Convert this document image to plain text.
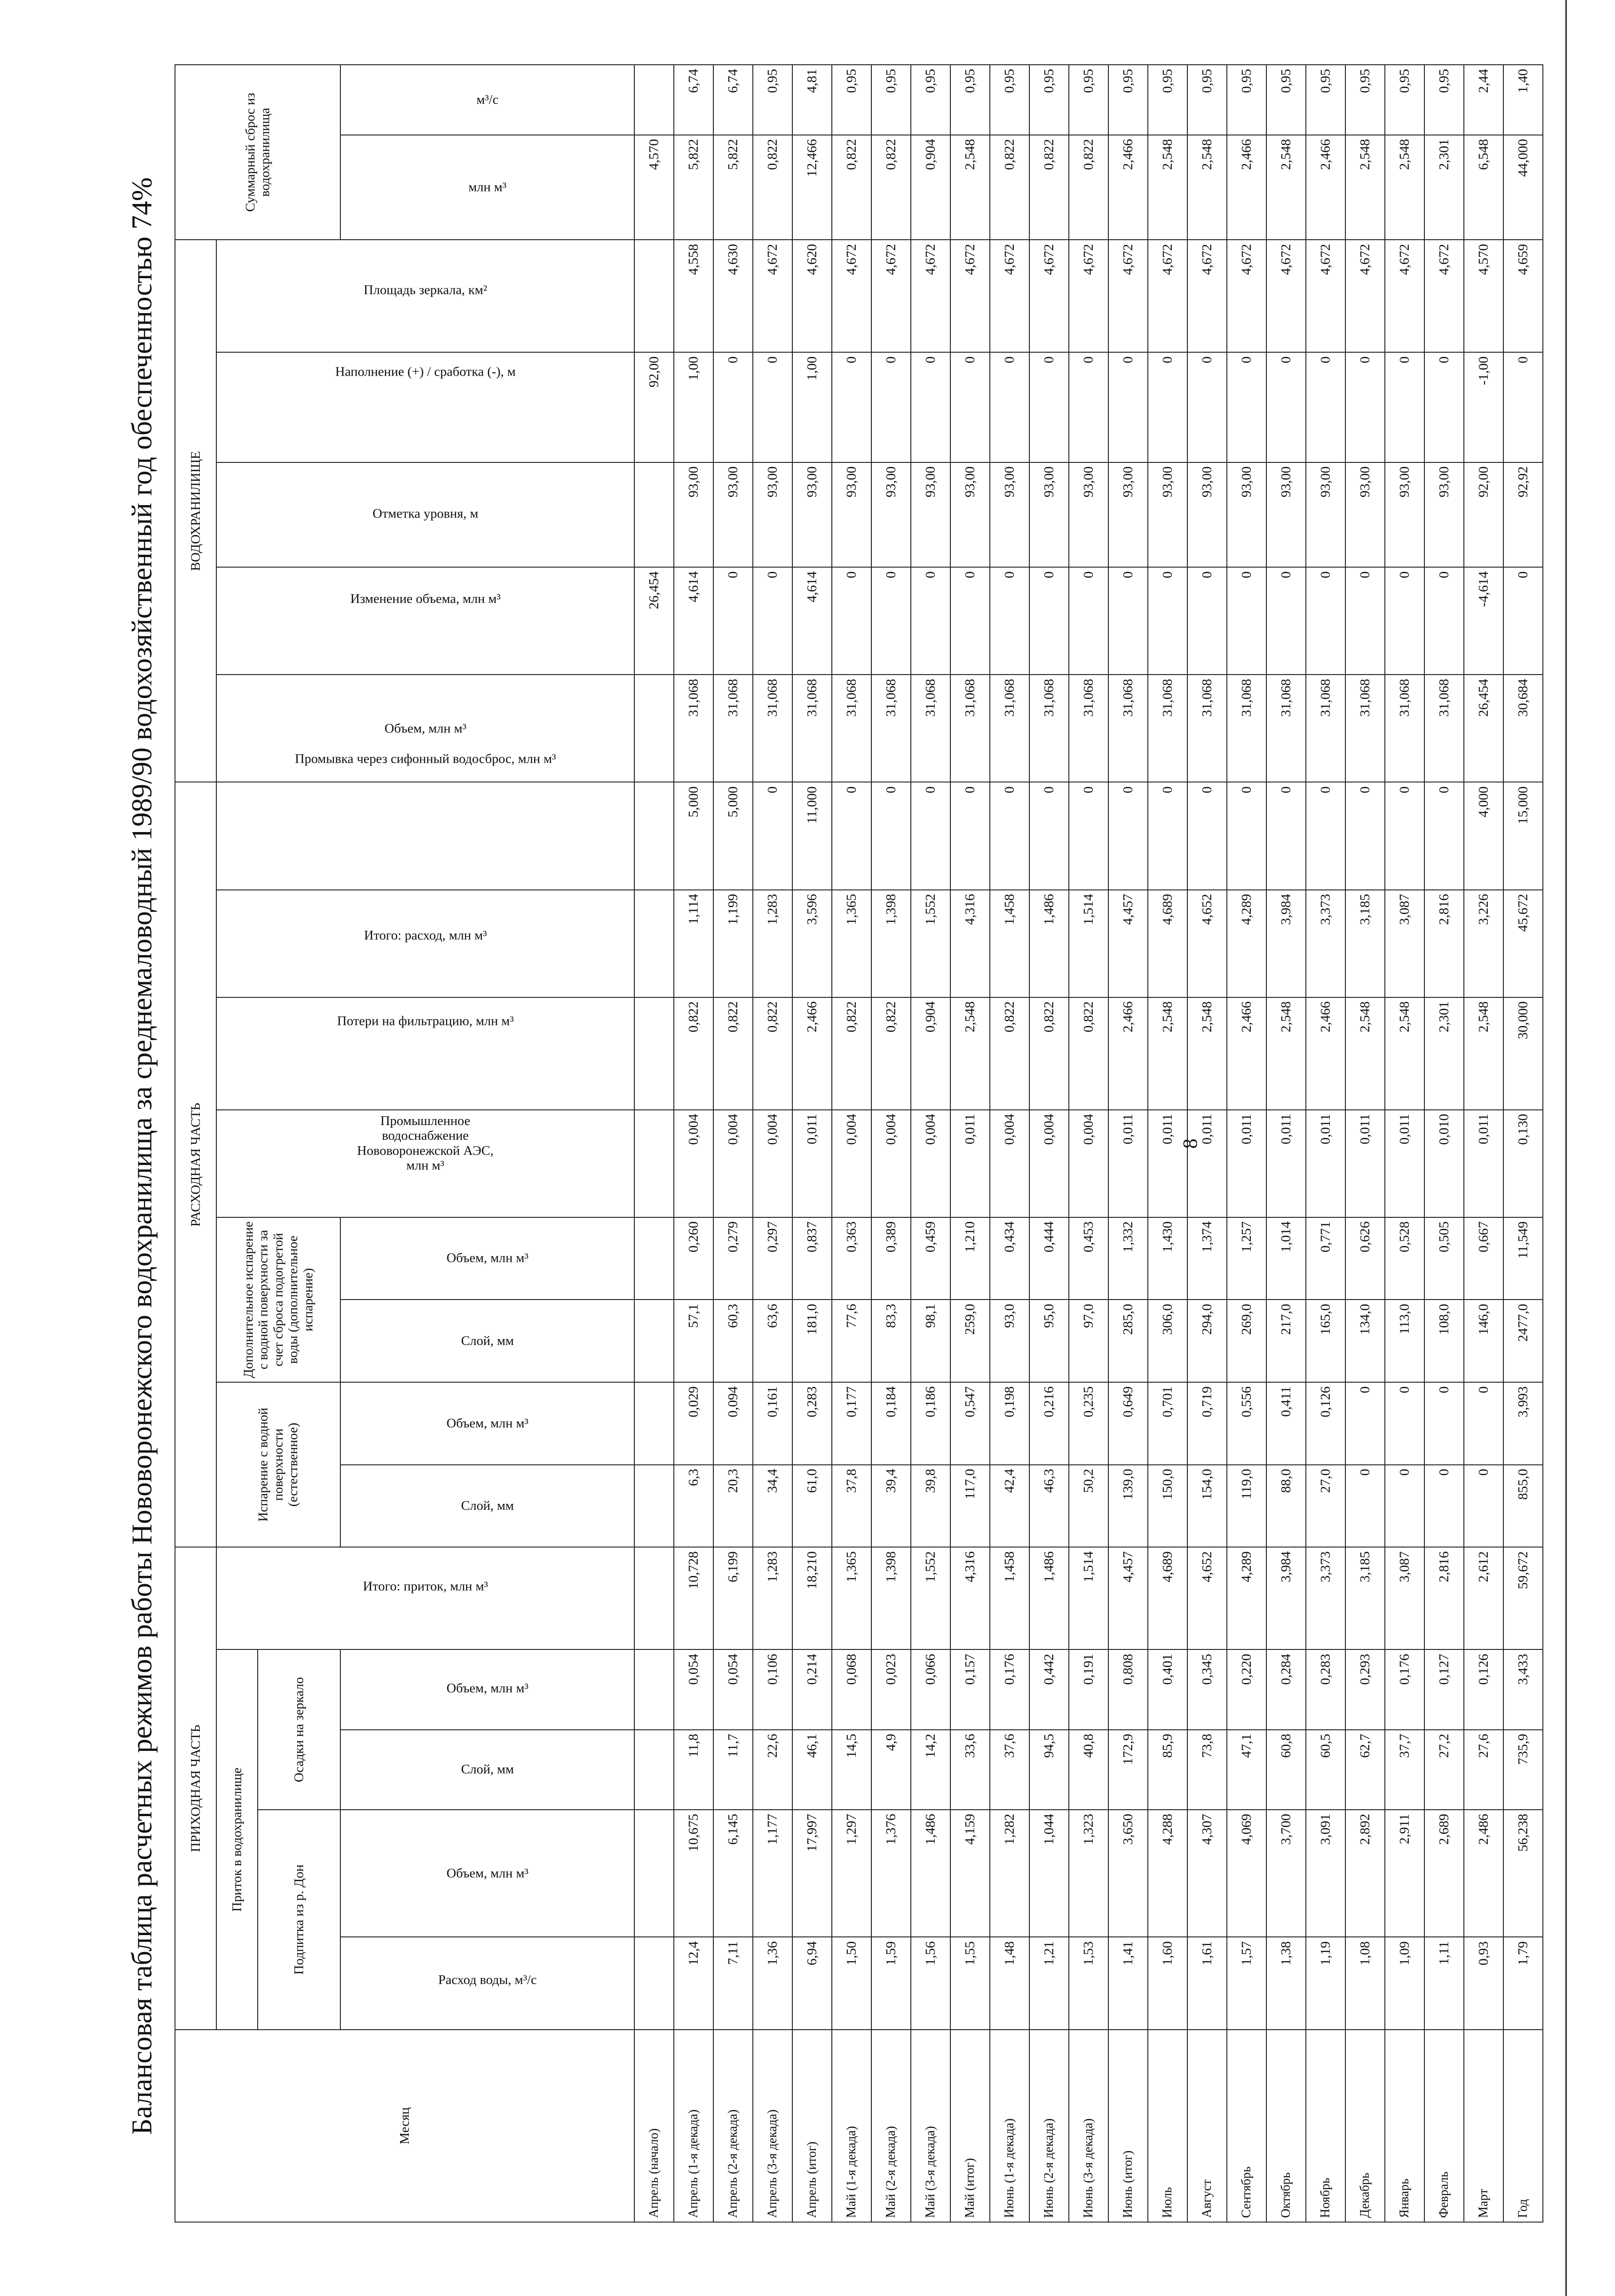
8
Балансовая таблица расчетных режимов работы Нововоронежского водохранилища за среднемаловодный 1989/90 водохозяйственный год обеспеченностью 74%	Месяц	ПРИХОДНАЯ ЧАСТЬ					РАСХОДНАЯ ЧАСТЬ								ВОДОХРАНИЛИЩЕ					Суммарный сброс из водохранилища	
	Приток в водохранилище				Итого: приток, млн м³	Испарение с водной поверхности (естественное)		Дополнительное испарение с водной поверхности за счет сброса подогретой воды (дополнительное испарение)		Промышленное водоснабжение Нововоронежской АЭС, млн м³	Потери на фильтрацию, млн м³	Итого: расход, млн м³	Промывка через сифонный водосброс, млн м³	Объем, млн м³	Изменение объема, млн м³	Отметка уровня, м	Наполнение (+) / сработка (-), м	Площадь зеркала, км²		
	Подпитка из р. Дон		Осадки на зеркало																	
	Расход воды, м³/с	Объем, млн м³	Слой, мм	Объем, млн м³		Слой, мм	Объем, млн м³	Слой, мм	Объем, млн м³										млн м³	м³/с

Апрель (начало)															26,454		92,00		4,570	
Апрель (1-я декада)	12,4	10,675	11,8	0,054	10,728	6,3	0,029	57,1	0,260	0,004	0,822	1,114	5,000	31,068	4,614	93,00	1,00	4,558	5,822	6,74
Апрель (2-я декада)	7,11	6,145	11,7	0,054	6,199	20,3	0,094	60,3	0,279	0,004	0,822	1,199	5,000	31,068	0	93,00	0	4,630	5,822	6,74
Апрель (3-я декада)	1,36	1,177	22,6	0,106	1,283	34,4	0,161	63,6	0,297	0,004	0,822	1,283	0	31,068	0	93,00	0	4,672	0,822	0,95
Апрель (итог)	6,94	17,997	46,1	0,214	18,210	61,0	0,283	181,0	0,837	0,011	2,466	3,596	11,000	31,068	4,614	93,00	1,00	4,620	12,466	4,81
Май (1-я декада)	1,50	1,297	14,5	0,068	1,365	37,8	0,177	77,6	0,363	0,004	0,822	1,365	0	31,068	0	93,00	0	4,672	0,822	0,95
Май (2-я декада)	1,59	1,376	4,9	0,023	1,398	39,4	0,184	83,3	0,389	0,004	0,822	1,398	0	31,068	0	93,00	0	4,672	0,822	0,95
Май (3-я декада)	1,56	1,486	14,2	0,066	1,552	39,8	0,186	98,1	0,459	0,004	0,904	1,552	0	31,068	0	93,00	0	4,672	0,904	0,95
Май (итог)	1,55	4,159	33,6	0,157	4,316	117,0	0,547	259,0	1,210	0,011	2,548	4,316	0	31,068	0	93,00	0	4,672	2,548	0,95
Июнь (1-я декада)	1,48	1,282	37,6	0,176	1,458	42,4	0,198	93,0	0,434	0,004	0,822	1,458	0	31,068	0	93,00	0	4,672	0,822	0,95
Июнь (2-я декада)	1,21	1,044	94,5	0,442	1,486	46,3	0,216	95,0	0,444	0,004	0,822	1,486	0	31,068	0	93,00	0	4,672	0,822	0,95
Июнь (3-я декада)	1,53	1,323	40,8	0,191	1,514	50,2	0,235	97,0	0,453	0,004	0,822	1,514	0	31,068	0	93,00	0	4,672	0,822	0,95
Июнь (итог)	1,41	3,650	172,9	0,808	4,457	139,0	0,649	285,0	1,332	0,011	2,466	4,457	0	31,068	0	93,00	0	4,672	2,466	0,95
Июль	1,60	4,288	85,9	0,401	4,689	150,0	0,701	306,0	1,430	0,011	2,548	4,689	0	31,068	0	93,00	0	4,672	2,548	0,95
Август	1,61	4,307	73,8	0,345	4,652	154,0	0,719	294,0	1,374	0,011	2,548	4,652	0	31,068	0	93,00	0	4,672	2,548	0,95
Сентябрь	1,57	4,069	47,1	0,220	4,289	119,0	0,556	269,0	1,257	0,011	2,466	4,289	0	31,068	0	93,00	0	4,672	2,466	0,95
Октябрь	1,38	3,700	60,8	0,284	3,984	88,0	0,411	217,0	1,014	0,011	2,548	3,984	0	31,068	0	93,00	0	4,672	2,548	0,95
Ноябрь	1,19	3,091	60,5	0,283	3,373	27,0	0,126	165,0	0,771	0,011	2,466	3,373	0	31,068	0	93,00	0	4,672	2,466	0,95
Декабрь	1,08	2,892	62,7	0,293	3,185	0	0	134,0	0,626	0,011	2,548	3,185	0	31,068	0	93,00	0	4,672	2,548	0,95
Январь	1,09	2,911	37,7	0,176	3,087	0	0	113,0	0,528	0,011	2,548	3,087	0	31,068	0	93,00	0	4,672	2,548	0,95
Февраль	1,11	2,689	27,2	0,127	2,816	0	0	108,0	0,505	0,010	2,301	2,816	0	31,068	0	93,00	0	4,672	2,301	0,95
Март	0,93	2,486	27,6	0,126	2,612	0	0	146,0	0,667	0,011	2,548	3,226	4,000	26,454	-4,614	92,00	-1,00	4,570	6,548	2,44
Год	1,79	56,238	735,9	3,433	59,672	855,0	3,993	2477,0	11,549	0,130	30,000	45,672	15,000	30,684	0	92,92	0	4,659	44,000	1,40
